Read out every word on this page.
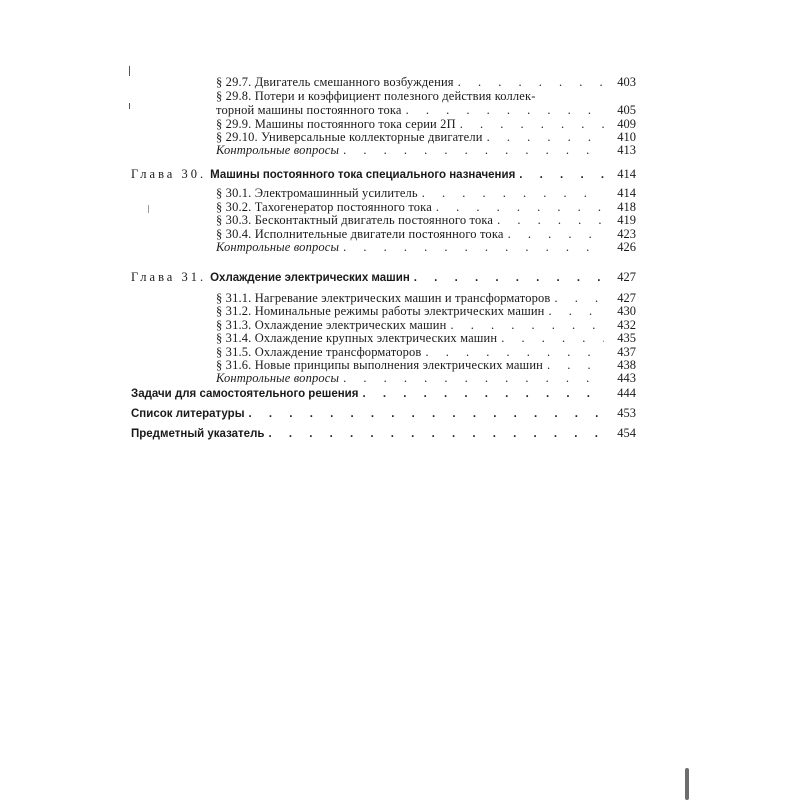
§ 29.7. Двигатель смешанного возбуждения . . .	403
§ 29.8. Потери и коэффициент полезного действия коллек-
торной машины постоянного тока . . .	405
§ 29.9. Машины постоянного тока серии 2П . . .	409
§ 29.10. Универсальные коллекторные двигатели . . .	410
Контрольные вопросы . . .	413
Глава 30. Машины постоянного тока специального назначения . . .	414
§ 30.1. Электромашинный усилитель . . .	414
§ 30.2. Тахогенератор постоянного тока . . .	418
§ 30.3. Бесконтактный двигатель постоянного тока . . .	419
§ 30.4. Исполнительные двигатели постоянного тока . . .	423
Контрольные вопросы . . .	426
Глава 31. Охлаждение электрических машин . . .	427
§ 31.1. Нагревание электрических машин и трансформаторов . . .	427
§ 31.2. Номинальные режимы работы электрических машин . . .	430
§ 31.3. Охлаждение электрических машин . . .	432
§ 31.4. Охлаждение крупных электрических машин . . .	435
§ 31.5. Охлаждение трансформаторов . . .	437
§ 31.6. Новые принципы выполнения электрических машин . . .	438
Контрольные вопросы . . .	443
Задачи для самостоятельного решения . . .	444
Список литературы . . .	453
Предметный указатель . . .	454
